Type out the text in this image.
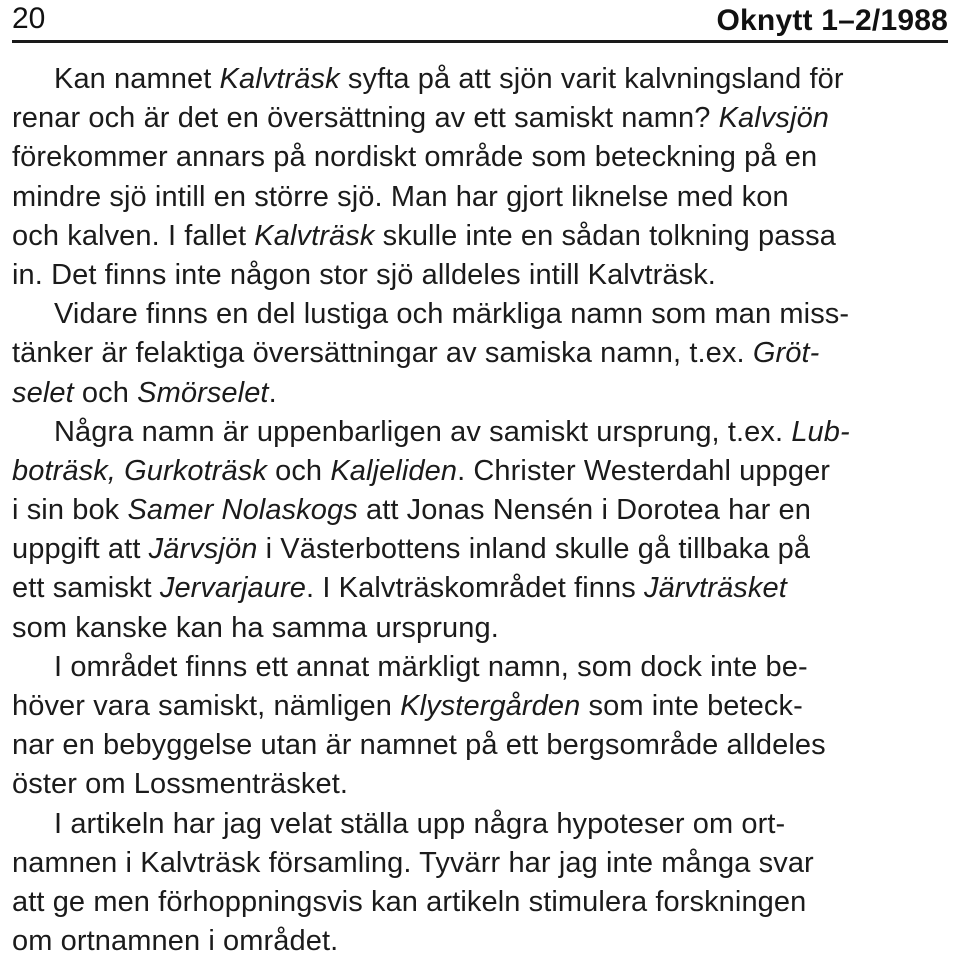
20	Oknytt 1–2/1988
Kan namnet Kalvträsk syfta på att sjön varit kalvningsland för
renar och är det en översättning av ett samiskt namn? Kalvsjön
förekommer annars på nordiskt område som beteckning på en
mindre sjö intill en större sjö. Man har gjort liknelse med kon
och kalven. I fallet Kalvträsk skulle inte en sådan tolkning passa
in. Det finns inte någon stor sjö alldeles intill Kalvträsk.
Vidare finns en del lustiga och märkliga namn som man miss-
tänker är felaktiga översättningar av samiska namn, t.ex. Gröt-
selet och Smörselet.
Några namn är uppenbarligen av samiskt ursprung, t.ex. Lub-
boträsk, Gurkoträsk och Kaljeliden. Christer Westerdahl uppger
i sin bok Samer Nolaskogs att Jonas Nensén i Dorotea har en
uppgift att Järvsjön i Västerbottens inland skulle gå tillbaka på
ett samiskt Jervarjaure. I Kalvträskområdet finns Järvträsket
som kanske kan ha samma ursprung.
I området finns ett annat märkligt namn, som dock inte be-
höver vara samiskt, nämligen Klystergården som inte beteck-
nar en bebyggelse utan är namnet på ett bergsområde alldeles
öster om Lossmenträsket.
I artikeln har jag velat ställa upp några hypoteser om ort-
namnen i Kalvträsk församling. Tyvärr har jag inte många svar
att ge men förhoppningsvis kan artikeln stimulera forskningen
om ortnamnen i området.
